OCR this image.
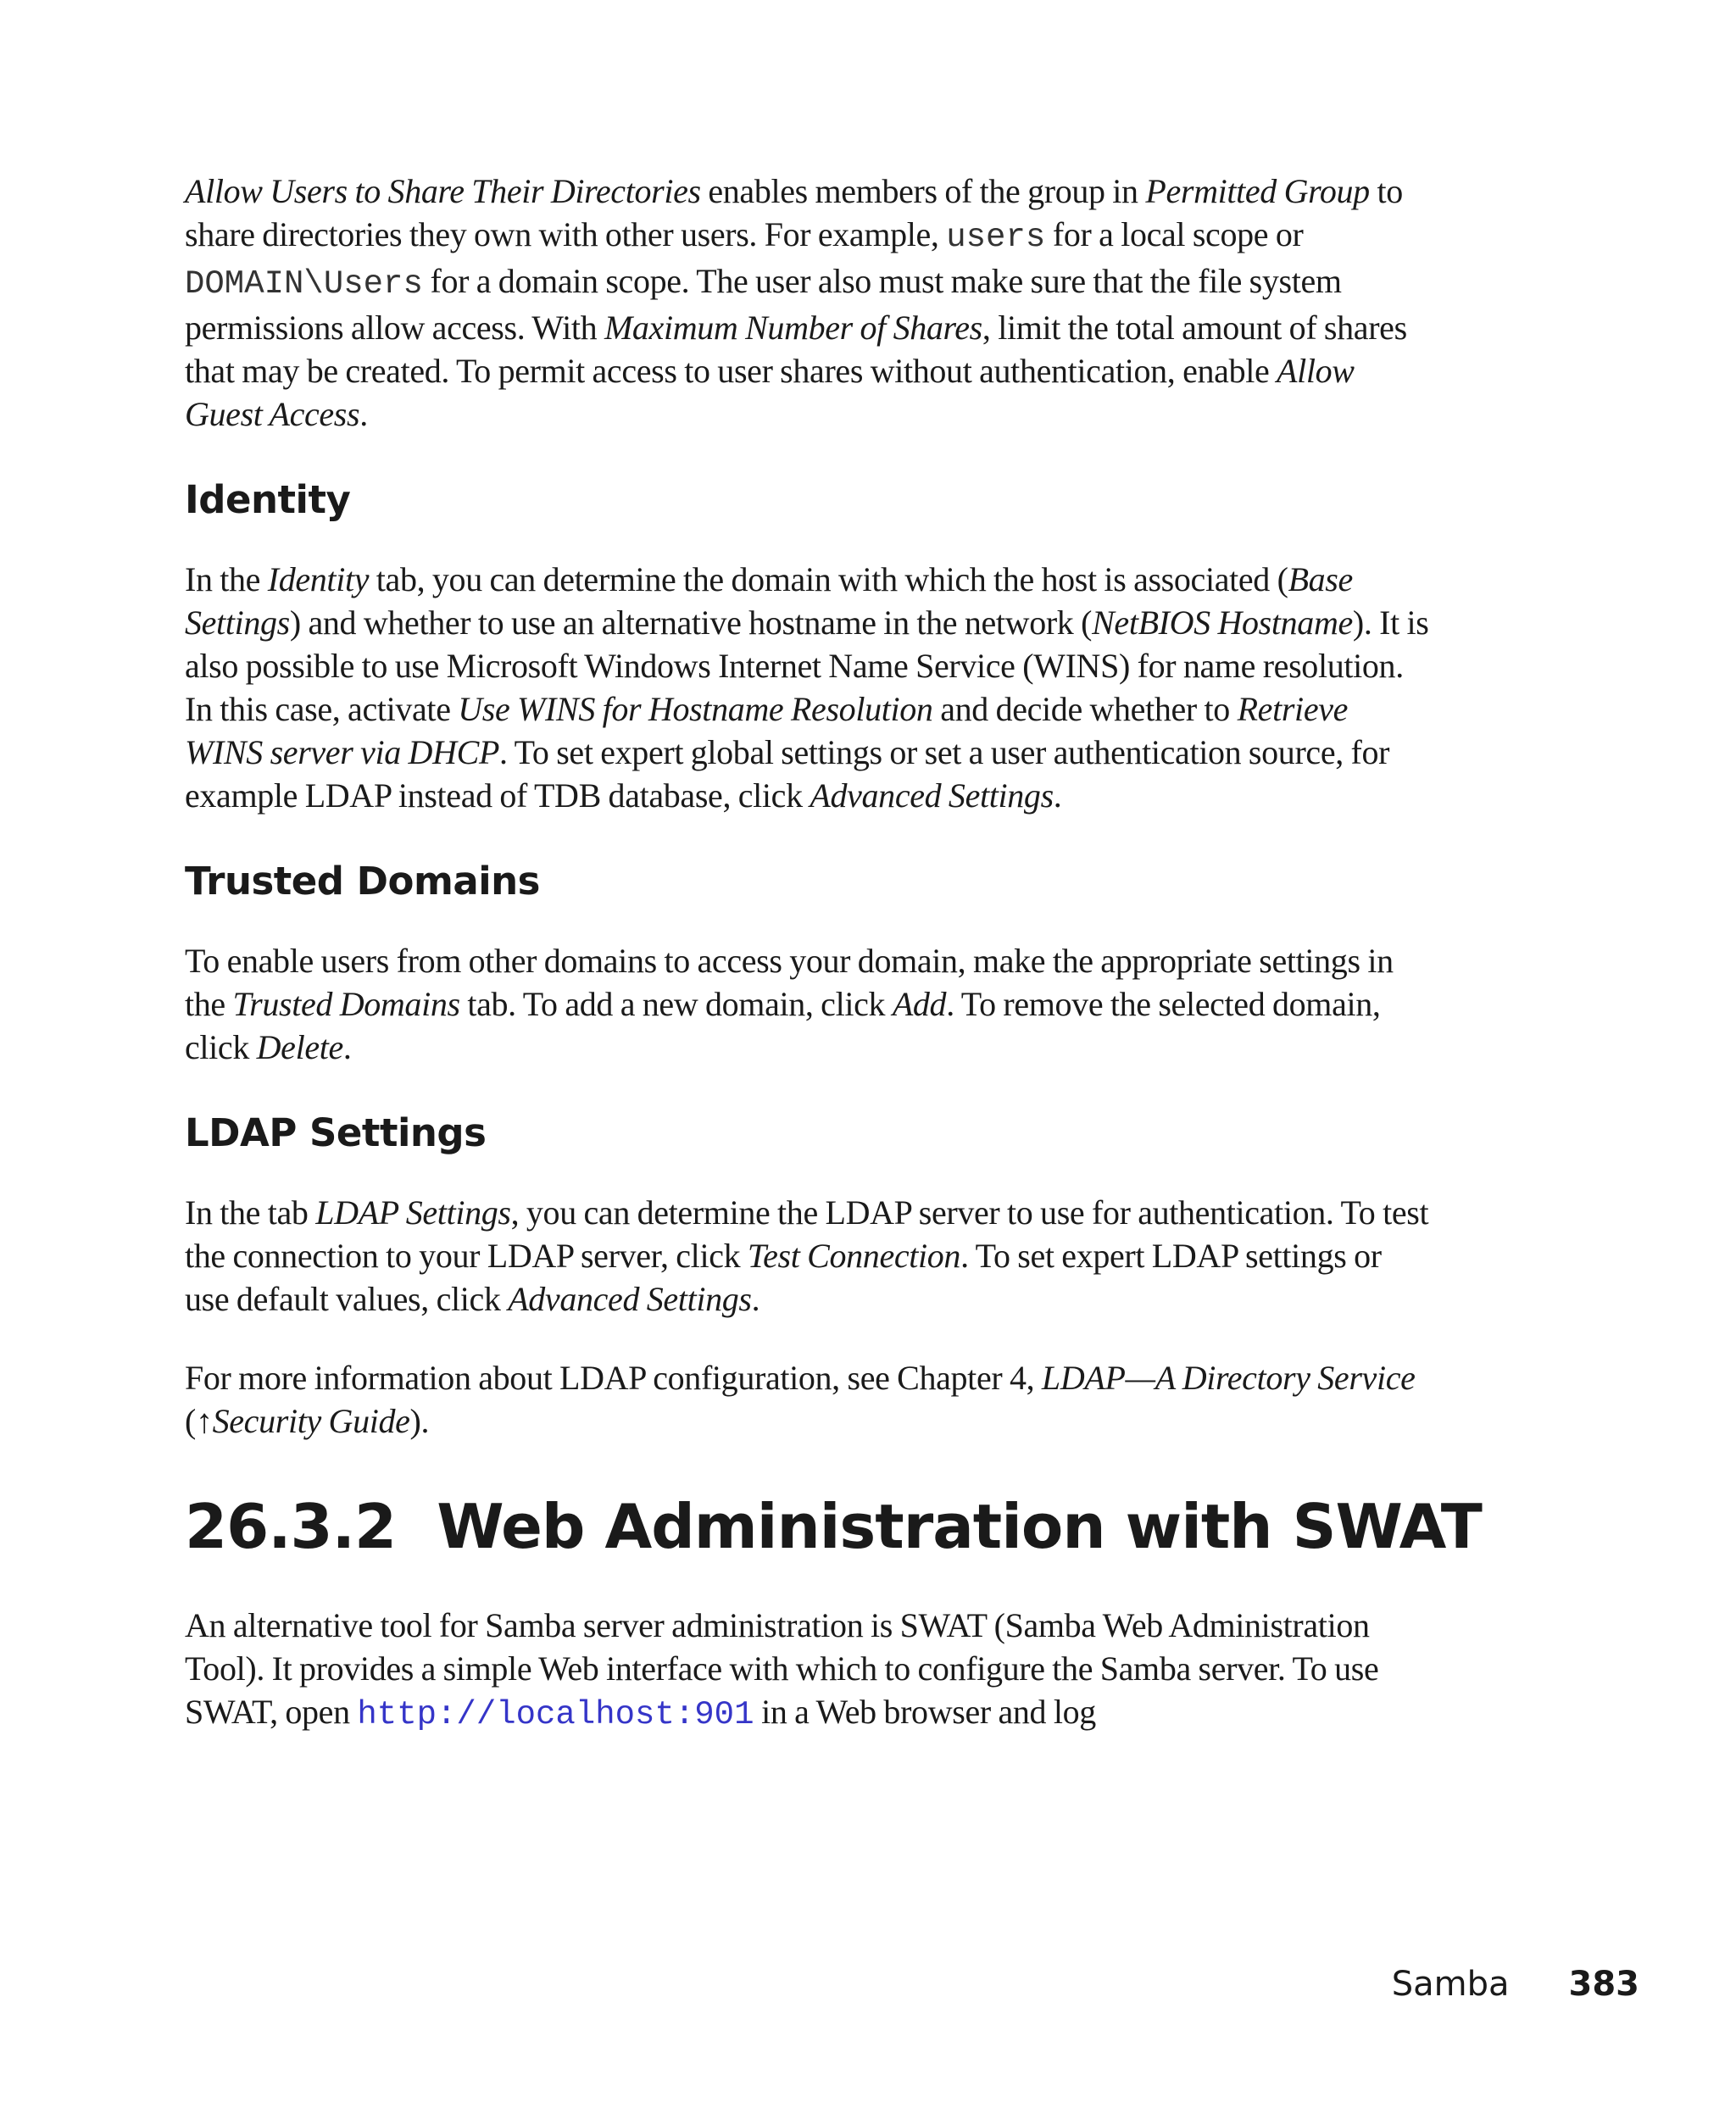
Allow Users to Share Their Directories enables members of the group in Permitted Group to share directories they own with other users. For example, users for a local scope or DOMAIN\Users for a domain scope. The user also must make sure that the file system permissions allow access. With Maximum Number of Shares, limit the total amount of shares that may be created. To permit access to user shares without authentication, enable Allow Guest Access.

Identity

In the Identity tab, you can determine the domain with which the host is associated (Base Settings) and whether to use an alternative hostname in the network (NetBIOS Hostname). It is also possible to use Microsoft Windows Internet Name Service (WINS) for name resolution. In this case, activate Use WINS for Hostname Resolution and decide whether to Retrieve WINS server via DHCP. To set expert global settings or set a user authentication source, for example LDAP instead of TDB database, click Advanced Settings.

Trusted Domains

To enable users from other domains to access your domain, make the appropriate settings in the Trusted Domains tab. To add a new domain, click Add. To remove the selected domain, click Delete.

LDAP Settings

In the tab LDAP Settings, you can determine the LDAP server to use for authentication. To test the connection to your LDAP server, click Test Connection. To set expert LDAP settings or use default values, click Advanced Settings.

For more information about LDAP configuration, see Chapter 4, LDAP—A Directory Service (↑Security Guide).

26.3.2  Web Administration with SWAT

An alternative tool for Samba server administration is SWAT (Samba Web Administration Tool). It provides a simple Web interface with which to configure the Samba server. To use SWAT, open http://localhost:901 in a Web browser and log

Samba 383
